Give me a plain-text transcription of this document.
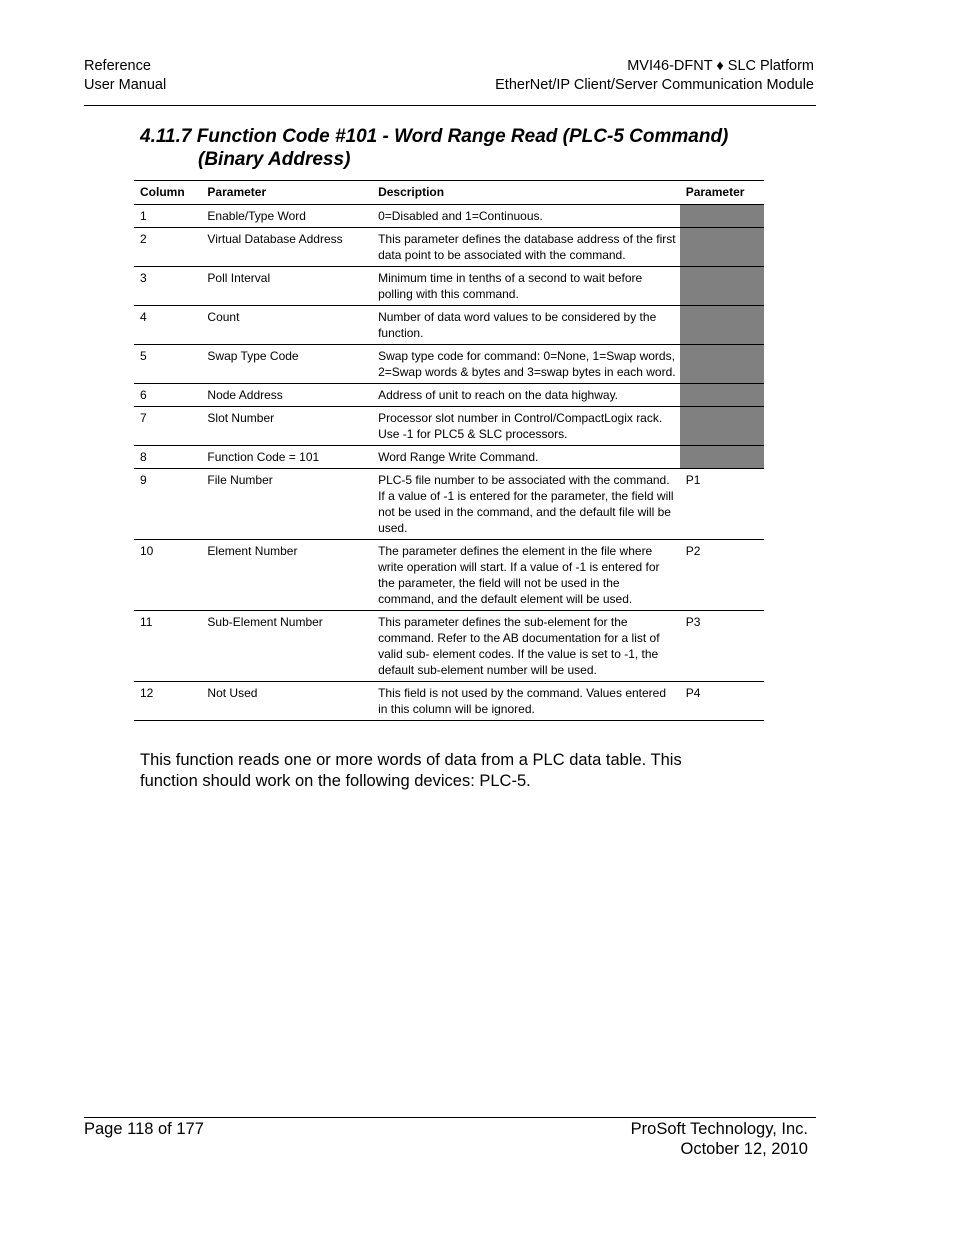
Reference
User Manual
MVI46-DFNT ♦ SLC Platform
EtherNet/IP Client/Server Communication Module
4.11.7 Function Code #101 - Word Range Read (PLC-5 Command)
(Binary Address)
Column	Parameter	Description	Parameter
1	Enable/Type Word	0=Disabled and 1=Continuous.	
2	Virtual Database Address	This parameter defines the database address of the first data point to be associated with the command.	
3	Poll Interval	Minimum time in tenths of a second to wait before polling with this command.	
4	Count	Number of data word values to be considered by the function.	
5	Swap Type Code	Swap type code for command: 0=None, 1=Swap words, 2=Swap words & bytes and 3=swap bytes in each word.	
6	Node Address	Address of unit to reach on the data highway.	
7	Slot Number	Processor slot number in Control/CompactLogix rack. Use -1 for PLC5 & SLC processors.	
8	Function Code = 101	Word Range Write Command.	
9	File Number	PLC-5 file number to be associated with the command. If a value of -1 is entered for the parameter, the field will not be used in the command, and the default file will be used.	P1
10	Element Number	The parameter defines the element in the file where write operation will start. If a value of -1 is entered for the parameter, the field will not be used in the command, and the default element will be used.	P2
11	Sub-Element Number	This parameter defines the sub-element for the command. Refer to the AB documentation for a list of valid sub- element codes. If the value is set to -1, the default sub-element number will be used.	P3
12	Not Used	This field is not used by the command. Values entered in this column will be ignored.	P4
This function reads one or more words of data from a PLC data table. This function should work on the following devices: PLC-5.
Page 118 of 177	ProSoft Technology, Inc.
October 12, 2010
